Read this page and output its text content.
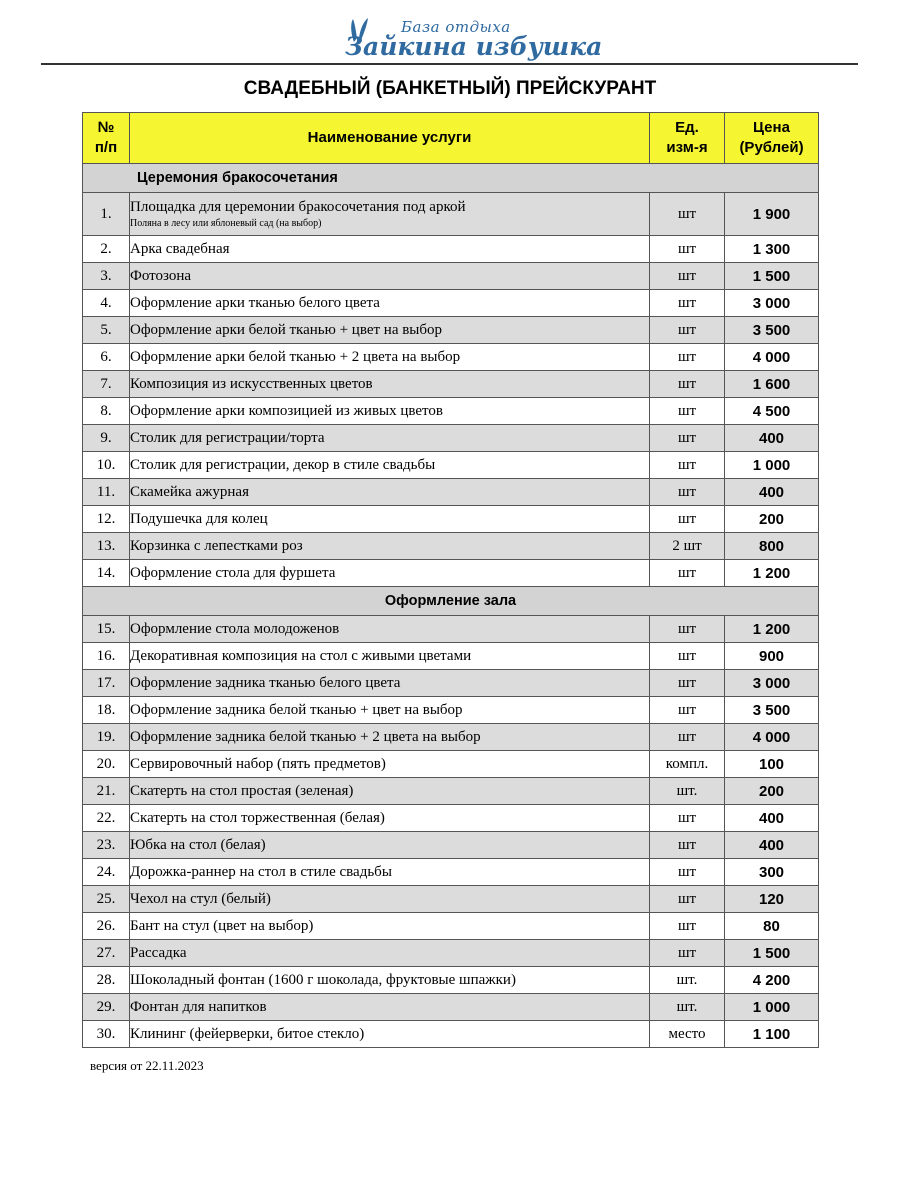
База отдыха
Зайкина избушка
СВАДЕБНЫЙ (БАНКЕТНЫЙ) ПРЕЙСКУРАНТ
№
п/п	Наименование услуги	Ед.
изм-я	Цена
(Рублей)
Церемония бракосочетания			
1.	Площадка для церемонии бракосочетания под аркой
Поляна в лесу или яблоневый сад (на выбор)	шт	1 900
2.	Арка свадебная	шт	1 300
3.	Фотозона	шт	1 500
4.	Оформление арки тканью белого цвета	шт	3 000
5.	Оформление арки белой тканью + цвет на выбор	шт	3 500
6.	Оформление арки белой тканью + 2 цвета на выбор	шт	4 000
7.	Композиция из искусственных цветов	шт	1 600
8.	Оформление арки композицией из живых цветов	шт	4 500
9.	Столик для регистрации/торта	шт	400
10.	Столик для регистрации, декор в стиле свадьбы	шт	1 000
11.	Скамейка ажурная	шт	400
12.	Подушечка для колец	шт	200
13.	Корзинка с лепестками роз	2 шт	800
14.	Оформление стола для фуршета	шт	1 200
Оформление зала			
15.	Оформление стола молодоженов	шт	1 200
16.	Декоративная композиция на стол с живыми цветами	шт	900
17.	Оформление задника тканью белого цвета	шт	3 000
18.	Оформление задника белой тканью + цвет на выбор	шт	3 500
19.	Оформление задника белой тканью + 2 цвета на выбор	шт	4 000
20.	Сервировочный набор (пять предметов)	компл.	100
21.	Скатерть на стол простая (зеленая)	шт.	200
22.	Скатерть на стол торжественная (белая)	шт	400
23.	Юбка на стол (белая)	шт	400
24.	Дорожка-раннер на стол в стиле свадьбы	шт	300
25.	Чехол на стул (белый)	шт	120
26.	Бант на стул (цвет на выбор)	шт	80
27.	Рассадка	шт	1 500
28.	Шоколадный фонтан (1600 г шоколада, фруктовые шпажки)	шт.	4 200
29.	Фонтан для напитков	шт.	1 000
30.	Клининг (фейерверки, битое стекло)	место	1 100
версия от 22.11.2023
